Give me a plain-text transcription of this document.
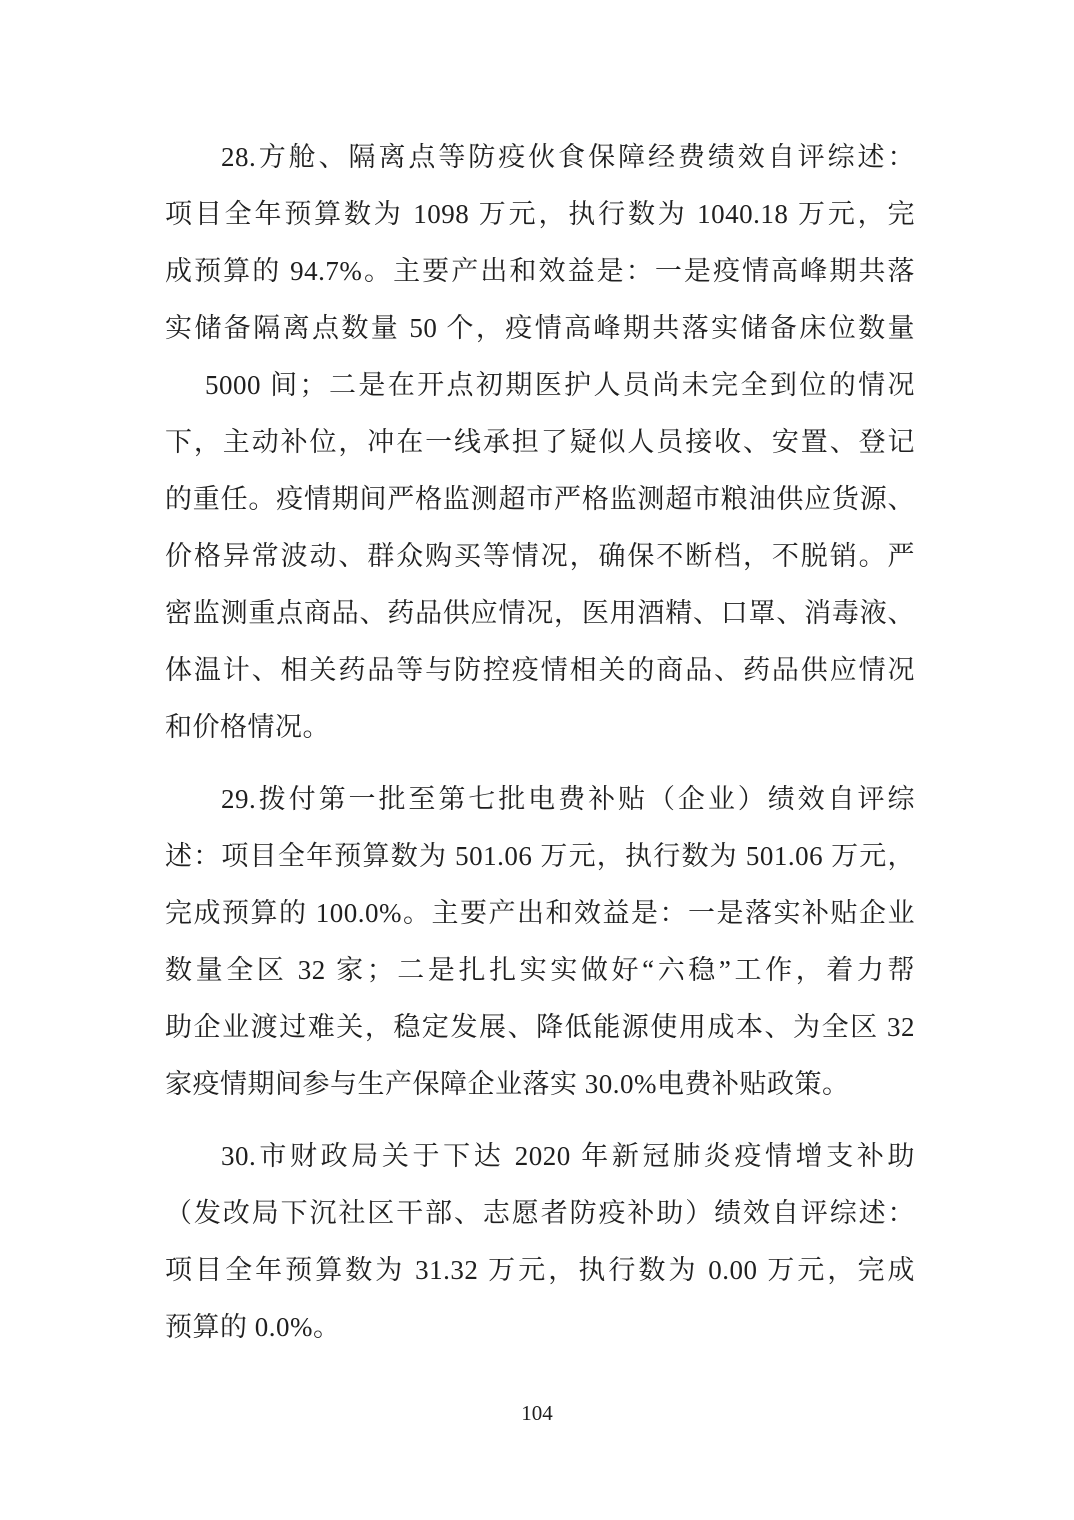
28.方舱、隔离点等防疫伙食保障经费绩效自评综述：
项目全年预算数为 1098 万元，执行数为 1040.18 万元，完
成预算的 94.7%。主要产出和效益是：一是疫情高峰期共落
实储备隔离点数量 50 个，疫情高峰期共落实储备床位数量
5000 间；二是在开点初期医护人员尚未完全到位的情况
下，主动补位，冲在一线承担了疑似人员接收、安置、登记
的重任。疫情期间严格监测超市严格监测超市粮油供应货源、
价格异常波动、群众购买等情况，确保不断档，不脱销。严
密监测重点商品、药品供应情况，医用酒精、口罩、消毒液、
体温计、相关药品等与防控疫情相关的商品、药品供应情况
和价格情况。
29.拨付第一批至第七批电费补贴（企业）绩效自评综
述：项目全年预算数为 501.06 万元，执行数为 501.06 万元，
完成预算的 100.0%。主要产出和效益是：一是落实补贴企业
数量全区 32 家；二是扎扎实实做好“六稳”工作，着力帮
助企业渡过难关，稳定发展、降低能源使用成本、为全区 32
家疫情期间参与生产保障企业落实 30.0%电费补贴政策。
30.市财政局关于下达 2020 年新冠肺炎疫情增支补助
（发改局下沉社区干部、志愿者防疫补助）绩效自评综述：
项目全年预算数为 31.32 万元，执行数为 0.00 万元，完成
预算的 0.0%。
104
